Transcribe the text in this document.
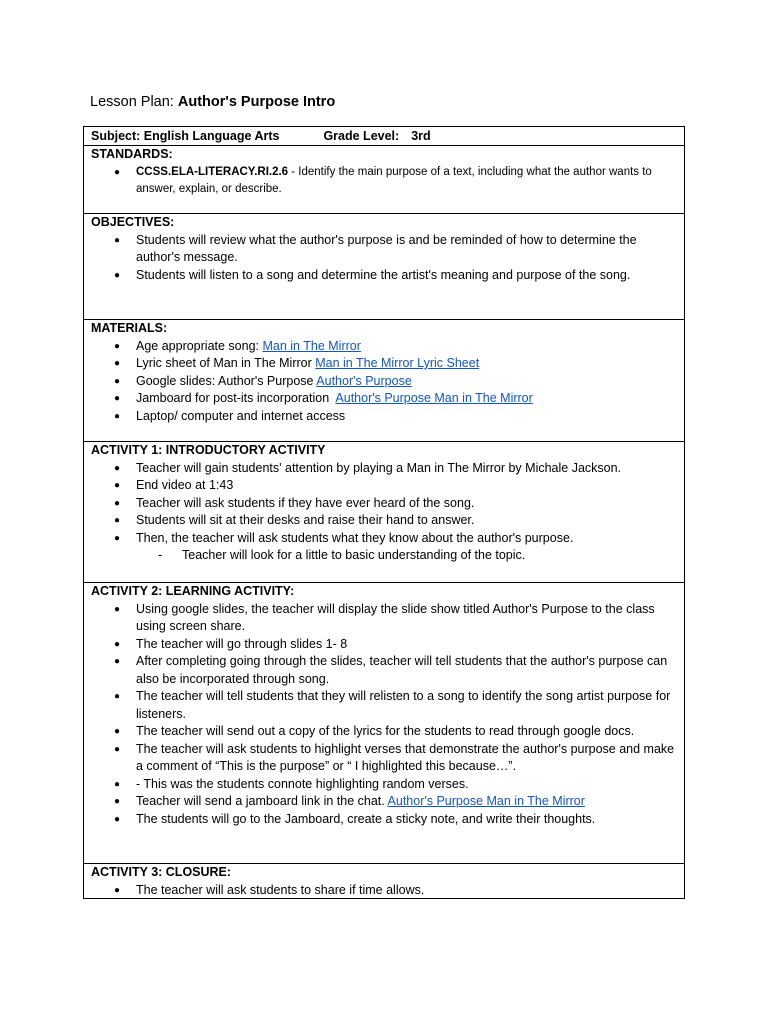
Lesson Plan: Author's Purpose Intro
Subject: English Language Arts	Grade Level: 3rd

STANDARDS:

● CCSS.ELA-LITERACY.RI.2.6 - Identify the main purpose of a text, including what the author wants to answer, explain, or describe.

OBJECTIVES:

● Students will review what the author's purpose is and be reminded of how to determine the author's message.
● Students will listen to a song and determine the artist's meaning and purpose of the song.

MATERIALS:

● Age appropriate song: Man in The Mirror
● Lyric sheet of Man in The Mirror Man in The Mirror Lyric Sheet
● Google slides: Author's Purpose Author's Purpose
● Jamboard for post-its incorporation  Author's Purpose Man in The Mirror
● Laptop/ computer and internet access

ACTIVITY 1: INTRODUCTORY ACTIVITY

● Teacher will gain students' attention by playing a Man in The Mirror by Michale Jackson.
● End video at 1:43
● Teacher will ask students if they have ever heard of the song.
● Students will sit at their desks and raise their hand to answer.
● Then, the teacher will ask students what they know about the author's purpose.
- Teacher will look for a little to basic understanding of the topic.

ACTIVITY 2: LEARNING ACTIVITY:

● Using google slides, the teacher will display the slide show titled Author's Purpose to the class using screen share.
● The teacher will go through slides 1- 8
● After completing going through the slides, teacher will tell students that the author's purpose can also be incorporated through song.
● The teacher will tell students that they will relisten to a song to identify the song artist purpose for listeners.
● The teacher will send out a copy of the lyrics for the students to read through google docs.
● The teacher will ask students to highlight verses that demonstrate the author's purpose and make a comment of “This is the purpose” or “ I highlighted this because…”.
● - This was the students connote highlighting random verses.
● Teacher will send a jamboard link in the chat. Author's Purpose Man in The Mirror
● The students will go to the Jamboard, create a sticky note, and write their thoughts.

ACTIVITY 3: CLOSURE:

● The teacher will ask students to share if time allows.
